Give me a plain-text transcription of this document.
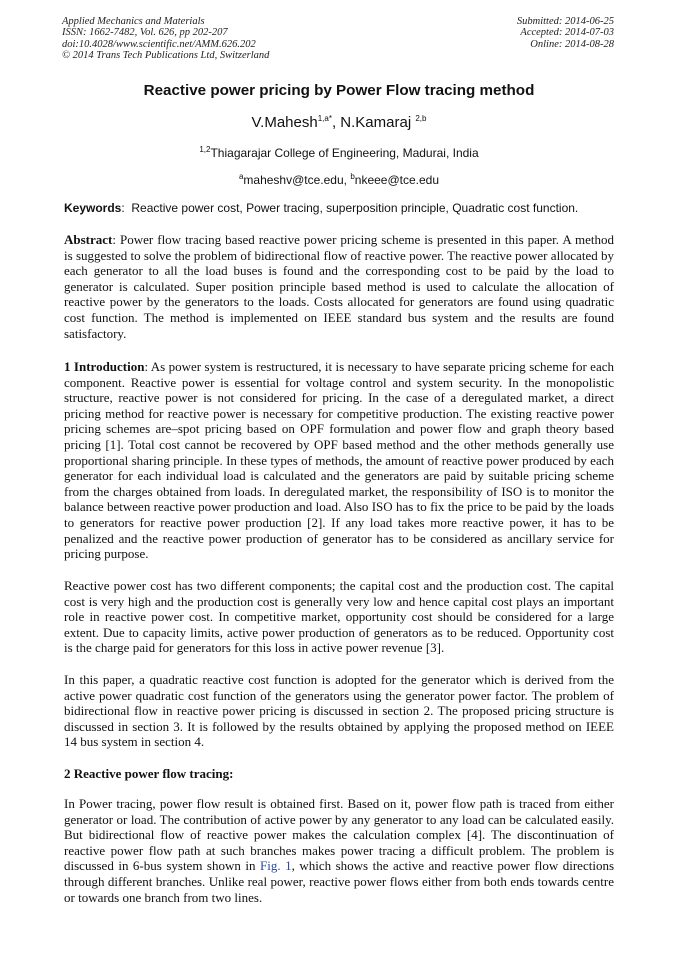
Applied Mechanics and Materials
ISSN: 1662-7482, Vol. 626, pp 202-207
doi:10.4028/www.scientific.net/AMM.626.202
© 2014 Trans Tech Publications Ltd, Switzerland
Submitted: 2014-06-25
Accepted: 2014-07-03
Online: 2014-08-28
Reactive power pricing by Power Flow tracing method
V.Mahesh$^{1,a*}$, N.Kamaraj $^{2,b}$
$^{1,2}$Thiagarajar College of Engineering, Madurai, India
$^a$maheshv@tce.edu, $^b$nkeee@tce.edu
Keywords: Reactive power cost, Power tracing, superposition principle, Quadratic cost function.

Abstract: Power flow tracing based reactive power pricing scheme is presented in this paper. A method is suggested to solve the problem of bidirectional flow of reactive power. The reactive power allocated by each generator to all the load buses is found and the corresponding cost to be paid by the load to generator is calculated. Super position principle based method is used to calculate the allocation of reactive power by the generators to the loads. Costs allocated for generators are found using quadratic cost function. The method is implemented on IEEE standard bus system and the results are found satisfactory.

1 Introduction: As power system is restructured, it is necessary to have separate pricing scheme for each component. Reactive power is essential for voltage control and system security. In the monopolistic structure, reactive power is not considered for pricing. In the case of a deregulated market, a direct pricing method for reactive power is necessary for competitive production. The existing reactive power pricing schemes are–spot pricing based on OPF formulation and power flow and graph theory based pricing [1]. Total cost cannot be recovered by OPF based method and the other methods generally use proportional sharing principle. In these types of methods, the amount of reactive power produced by each generator for each individual load is calculated and the generators are paid by suitable pricing scheme from the charges obtained from loads. In deregulated market, the responsibility of ISO is to monitor the balance between reactive power production and load. Also ISO has to fix the price to be paid by the loads to generators for reactive power production [2]. If any load takes more reactive power, it has to be penalized and the reactive power production of generator has to be considered as ancillary service for pricing purpose.

Reactive power cost has two different components; the capital cost and the production cost. The capital cost is very high and the production cost is generally very low and hence capital cost plays an important role in reactive power cost. In competitive market, opportunity cost should be considered for a large extent. Due to capacity limits, active power production of generators as to be reduced. Opportunity cost is the charge paid for generators for this loss in active power revenue [3].

In this paper, a quadratic reactive cost function is adopted for the generator which is derived from the active power quadratic cost function of the generators using the generator power factor. The problem of bidirectional flow in reactive power pricing is discussed in section 2. The proposed pricing structure is discussed in section 3. It is followed by the results obtained by applying the proposed method on IEEE 14 bus system in section 4.

2 Reactive power flow tracing:

In Power tracing, power flow result is obtained first. Based on it, power flow path is traced from either generator or load. The contribution of active power by any generator to any load can be calculated easily. But bidirectional flow of reactive power makes the calculation complex [4]. The discontinuation of reactive power flow path at such branches makes power tracing a difficult problem. The problem is discussed in 6-bus system shown in Fig. 1, which shows the active and reactive power flow directions through different branches. Unlike real power, reactive power flows either from both ends towards centre or towards one branch from two lines.
